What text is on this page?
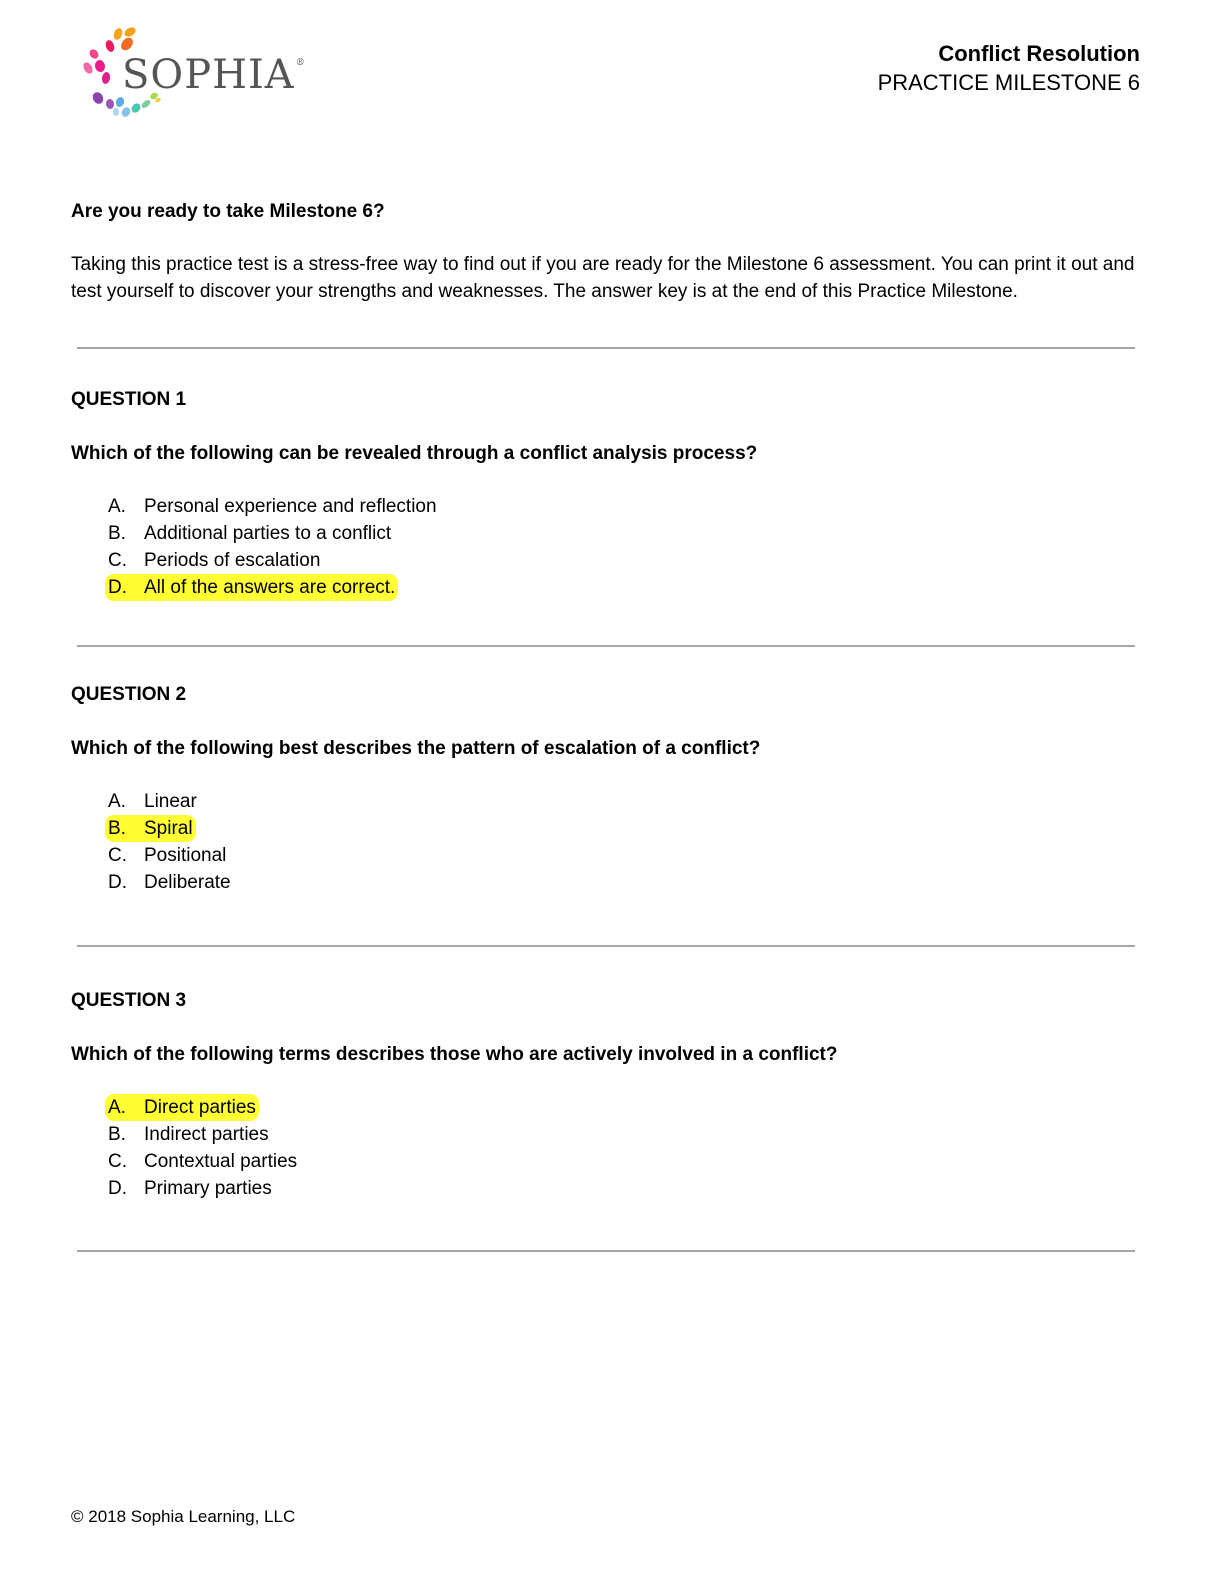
SOPHIA®	Conflict Resolution
PRACTICE MILESTONE 6

Are you ready to take Milestone 6?

Taking this practice test is a stress-free way to find out if you are ready for the Milestone 6 assessment. You can print it out and test yourself to discover your strengths and weaknesses. The answer key is at the end of this Practice Milestone.

QUESTION 1

Which of the following can be revealed through a conflict analysis process?

A. Personal experience and reflection
B. Additional parties to a conflict
C. Periods of escalation
D. All of the answers are correct.

QUESTION 2

Which of the following best describes the pattern of escalation of a conflict?

A. Linear
B. Spiral
C. Positional
D. Deliberate

QUESTION 3

Which of the following terms describes those who are actively involved in a conflict?

A. Direct parties
B. Indirect parties
C. Contextual parties
D. Primary parties
© 2018 Sophia Learning, LLC
